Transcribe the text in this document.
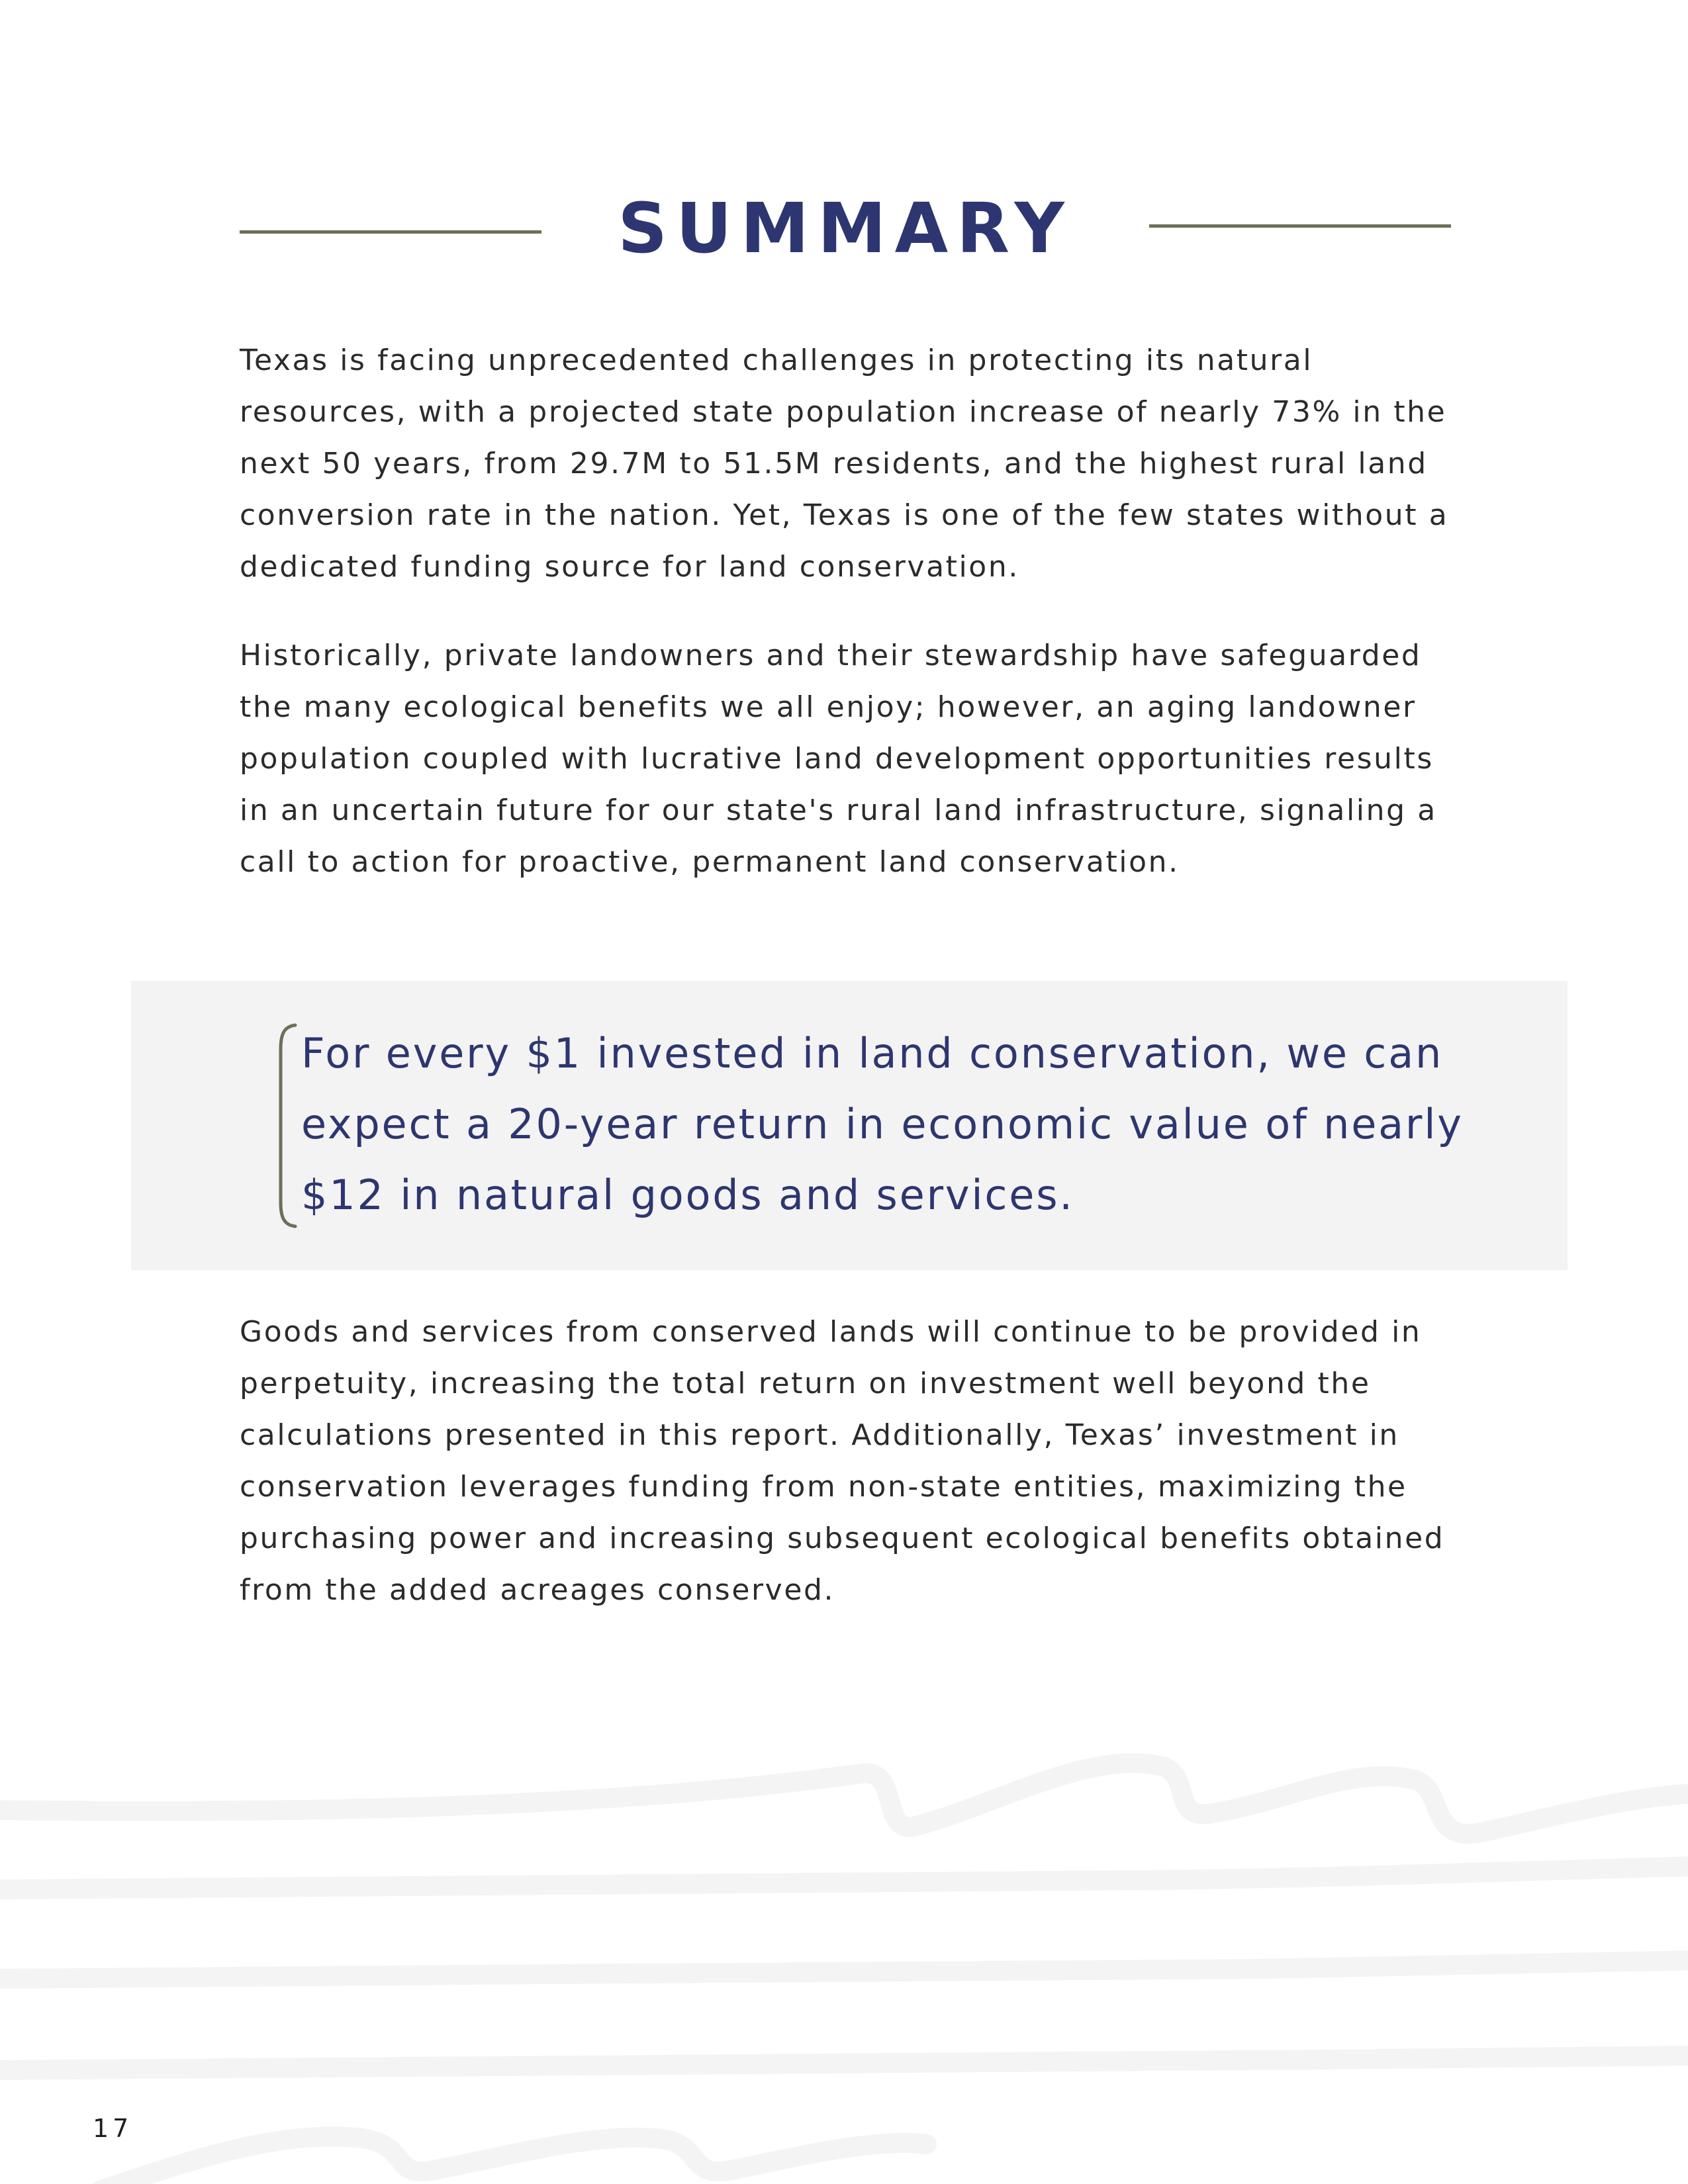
SUMMARY

Texas is facing unprecedented challenges in protecting its natural resources, with a projected state population increase of nearly 73% in the next 50 years, from 29.7M to 51.5M residents, and the highest rural land conversion rate in the nation. Yet, Texas is one of the few states without a dedicated funding source for land conservation.

Historically, private landowners and their stewardship have safeguarded the many ecological benefits we all enjoy; however, an aging landowner population coupled with lucrative land development opportunities results in an uncertain future for our state's rural land infrastructure, signaling a call to action for proactive, permanent land conservation.

For every $1 invested in land conservation, we can expect a 20-year return in economic value of nearly $12 in natural goods and services.

Goods and services from conserved lands will continue to be provided in perpetuity, increasing the total return on investment well beyond the calculations presented in this report. Additionally, Texas’ investment in conservation leverages funding from non-state entities, maximizing the purchasing power and increasing subsequent ecological benefits obtained from the added acreages conserved.

17
